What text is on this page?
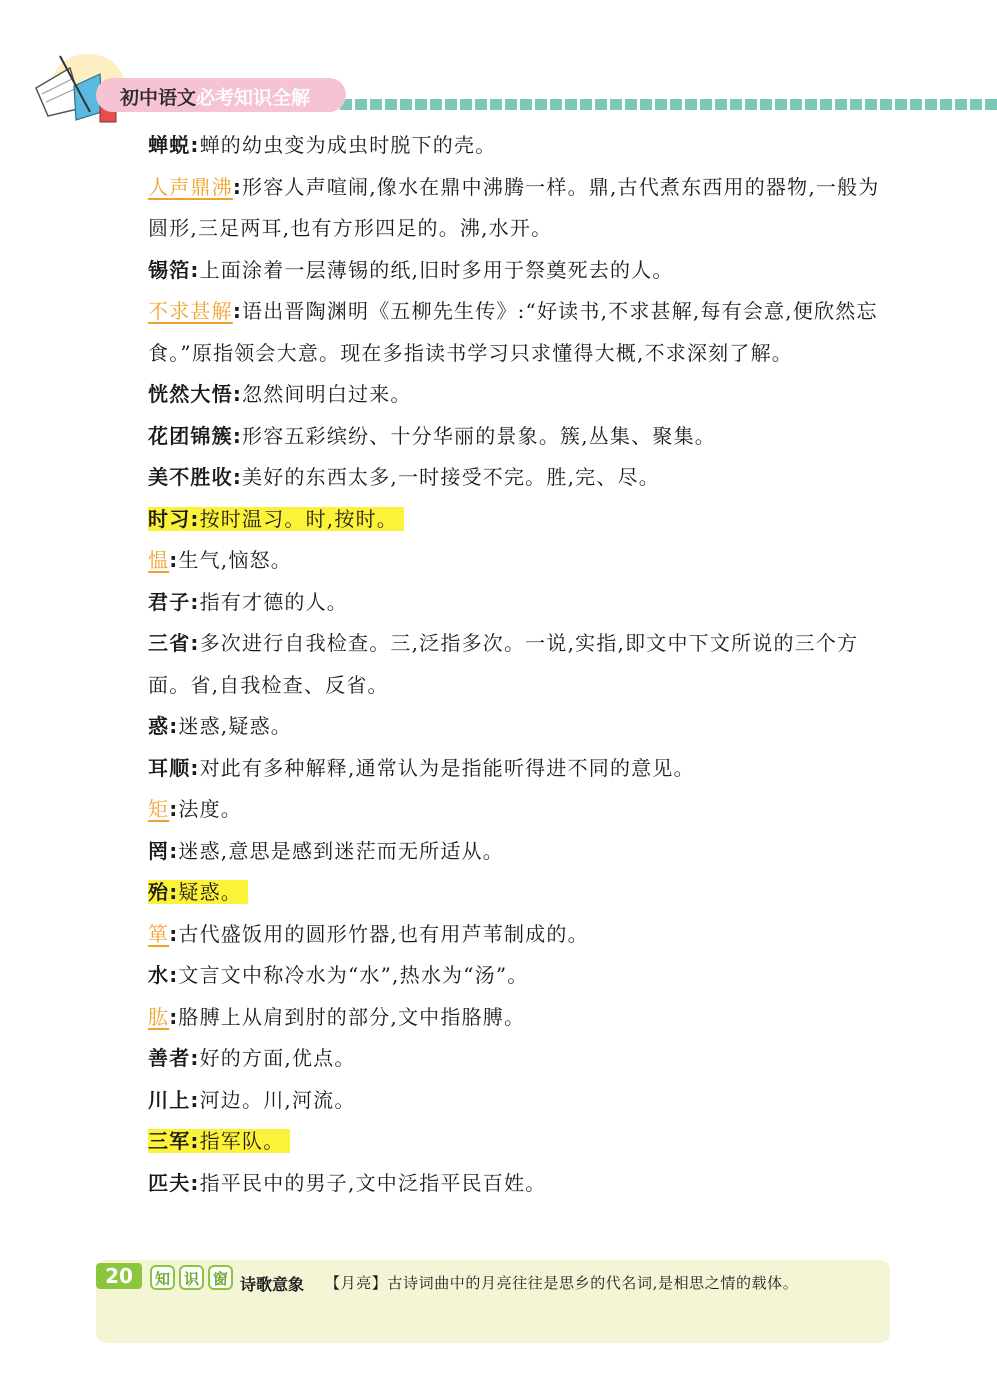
初中语文必考知识全解
蝉蜕:蝉的幼虫变为成虫时脱下的壳。
人声鼎沸:形容人声喧闹,像水在鼎中沸腾一样。鼎,古代煮东西用的器物,一般为圆形,三足两耳,也有方形四足的。沸,水开。
锡箔:上面涂着一层薄锡的纸,旧时多用于祭奠死去的人。
不求甚解:语出晋陶渊明《五柳先生传》:“好读书,不求甚解,每有会意,便欣然忘食。”原指领会大意。现在多指读书学习只求懂得大概,不求深刻了解。
恍然大悟:忽然间明白过来。
花团锦簇:形容五彩缤纷、十分华丽的景象。簇,丛集、聚集。
美不胜收:美好的东西太多,一时接受不完。胜,完、尽。
时习:按时温习。时,按时。
愠:生气,恼怒。
君子:指有才德的人。
三省:多次进行自我检查。三,泛指多次。一说,实指,即文中下文所说的三个方面。省,自我检查、反省。
惑:迷惑,疑惑。
耳顺:对此有多种解释,通常认为是指能听得进不同的意见。
矩:法度。
罔:迷惑,意思是感到迷茫而无所适从。
殆:疑惑。
箪:古代盛饭用的圆形竹器,也有用芦苇制成的。
水:文言文中称冷水为“水”,热水为“汤”。
肱:胳膊上从肩到肘的部分,文中指胳膊。
善者:好的方面,优点。
川上:河边。川,河流。
三军:指军队。
匹夫:指平民中的男子,文中泛指平民百姓。
20	知 识 窗 诗歌意象 【月亮】古诗词曲中的月亮往往是思乡的代名词,是相思之情的载体。
